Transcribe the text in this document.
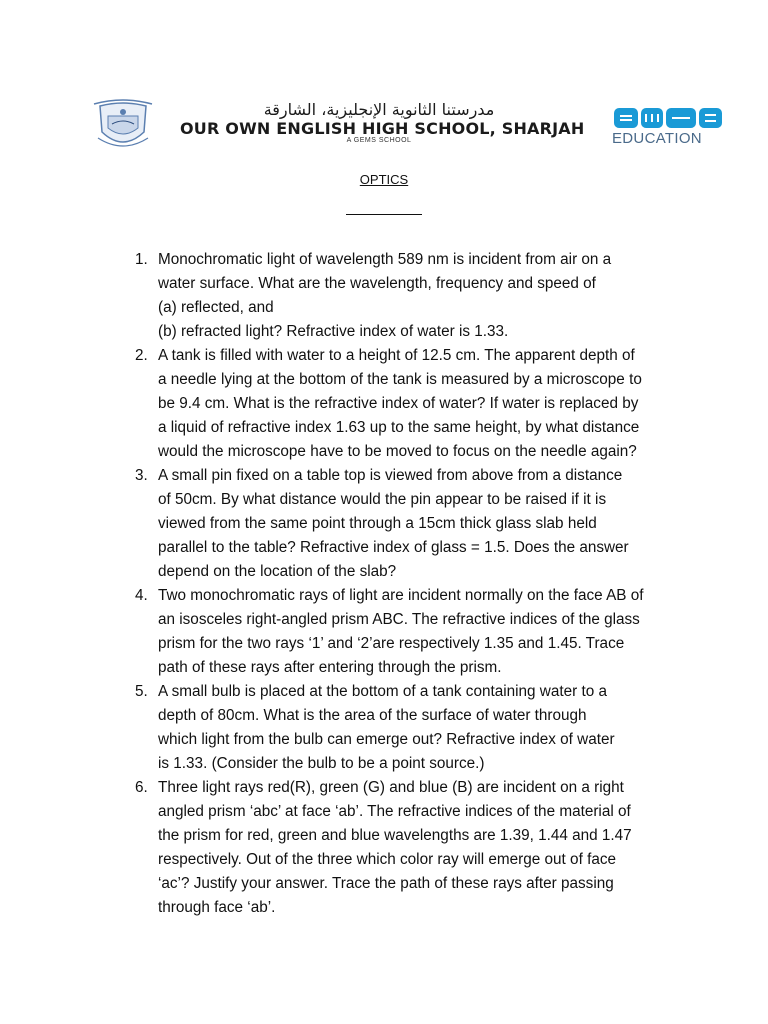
مدرستنا الثانوية الإنجليزية، الشارقة
OUR OWN ENGLISH HIGH SCHOOL, SHARJAH
A GEMS SCHOOL	EDUCATION
OPTICS
1. Monochromatic light of wavelength 589 nm is incident from air on a
water surface. What are the wavelength, frequency and speed of
(a) reflected, and
(b) refracted light? Refractive index of water is 1.33.
2. A tank is filled with water to a height of 12.5 cm. The apparent depth of
a needle lying at the bottom of the tank is measured by a microscope to
be 9.4 cm. What is the refractive index of water? If water is replaced by
a liquid of refractive index 1.63 up to the same height, by what distance
would the microscope have to be moved to focus on the needle again?
3. A small pin fixed on a table top is viewed from above from a distance
of 50cm. By what distance would the pin appear to be raised if it is
viewed from the same point through a 15cm thick glass slab held
parallel to the table? Refractive index of glass = 1.5. Does the answer
depend on the location of the slab?
4. Two monochromatic rays of light are incident normally on the face AB of
an isosceles right-angled prism ABC. The refractive indices of the glass
prism for the two rays ‘1’ and ‘2’are respectively 1.35 and 1.45. Trace
path of these rays after entering through the prism.
5. A small bulb is placed at the bottom of a tank containing water to a
depth of 80cm. What is the area of the surface of water through
which light from the bulb can emerge out? Refractive index of water
is 1.33. (Consider the bulb to be a point source.)
6. Three light rays red(R), green (G) and blue (B) are incident on a right
angled prism ‘abc’ at face ‘ab’. The refractive indices of the material of
the prism for red, green and blue wavelengths are 1.39, 1.44 and 1.47
respectively. Out of the three which color ray will emerge out of face
‘ac’? Justify your answer. Trace the path of these rays after passing
through face ‘ab’.
